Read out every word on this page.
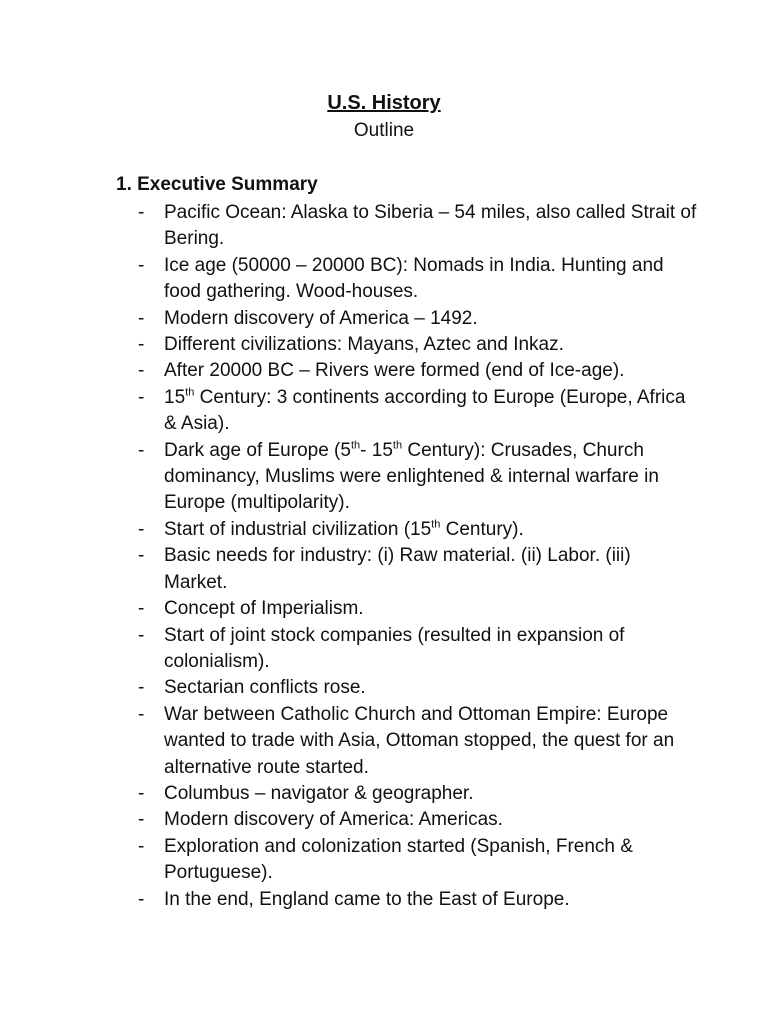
U.S. History
Outline
1. Executive Summary
- Pacific Ocean: Alaska to Siberia – 54 miles, also called Strait of Bering.
- Ice age (50000 – 20000 BC): Nomads in India. Hunting and food gathering. Wood-houses.
- Modern discovery of America – 1492.
- Different civilizations: Mayans, Aztec and Inkaz.
- After 20000 BC – Rivers were formed (end of Ice-age).
- 15th Century: 3 continents according to Europe (Europe, Africa & Asia).
- Dark age of Europe (5th- 15th Century): Crusades, Church dominancy, Muslims were enlightened & internal warfare in Europe (multipolarity).
- Start of industrial civilization (15th Century).
- Basic needs for industry: (i) Raw material. (ii) Labor. (iii) Market.
- Concept of Imperialism.
- Start of joint stock companies (resulted in expansion of colonialism).
- Sectarian conflicts rose.
- War between Catholic Church and Ottoman Empire: Europe wanted to trade with Asia, Ottoman stopped, the quest for an alternative route started.
- Columbus – navigator & geographer.
- Modern discovery of America: Americas.
- Exploration and colonization started (Spanish, French & Portuguese).
- In the end, England came to the East of Europe.
